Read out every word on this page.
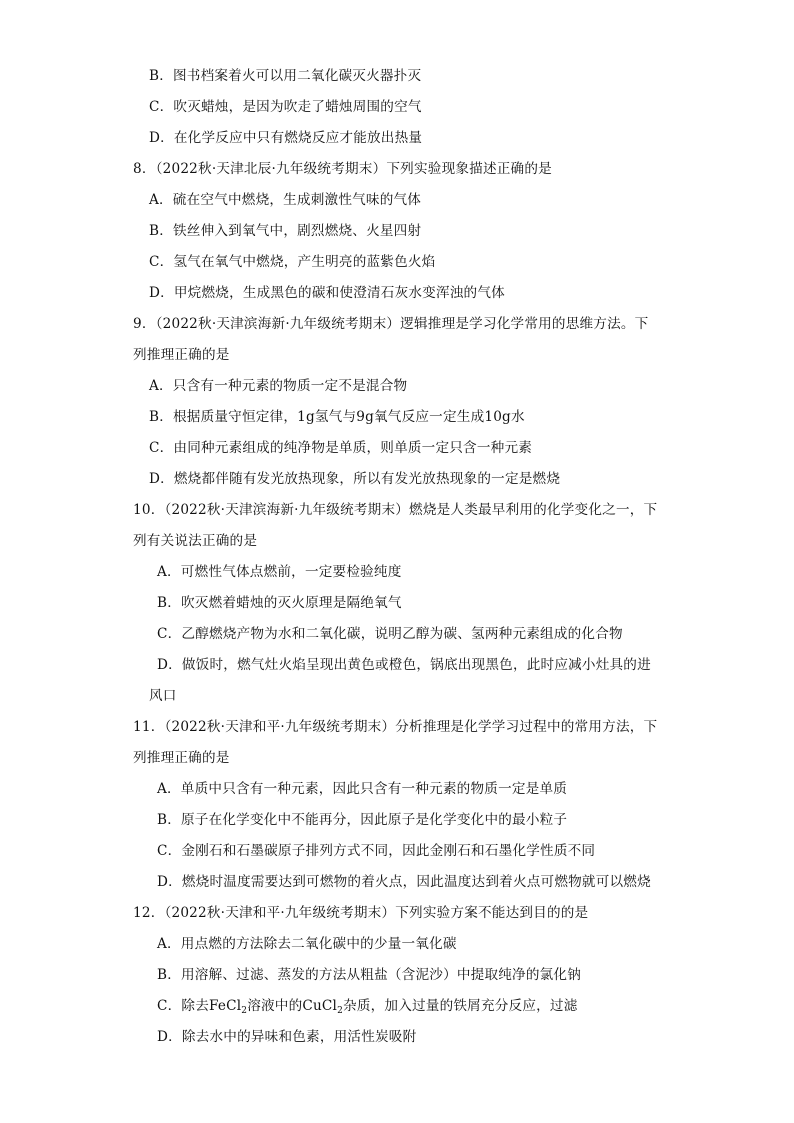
B．图书档案着火可以用二氧化碳灭火器扑灭
C．吹灭蜡烛，是因为吹走了蜡烛周围的空气
D．在化学反应中只有燃烧反应才能放出热量
8．（2022秋·天津北辰·九年级统考期末）下列实验现象描述正确的是
A．硫在空气中燃烧，生成刺激性气味的气体
B．铁丝伸入到氧气中，剧烈燃烧、火星四射
C．氢气在氧气中燃烧，产生明亮的蓝紫色火焰
D．甲烷燃烧，生成黑色的碳和使澄清石灰水变浑浊的气体
9．（2022秋·天津滨海新·九年级统考期末）逻辑推理是学习化学常用的思维方法。下
列推理正确的是
A．只含有一种元素的物质一定不是混合物
B．根据质量守恒定律，1g氢气与9g氧气反应一定生成10g水
C．由同种元素组成的纯净物是单质，则单质一定只含一种元素
D．燃烧都伴随有发光放热现象，所以有发光放热现象的一定是燃烧
10．（2022秋·天津滨海新·九年级统考期末）燃烧是人类最早利用的化学变化之一，下
列有关说法正确的是
A．可燃性气体点燃前，一定要检验纯度
B．吹灭燃着蜡烛的灭火原理是隔绝氧气
C．乙醇燃烧产物为水和二氧化碳，说明乙醇为碳、氢两种元素组成的化合物
D．做饭时，燃气灶火焰呈现出黄色或橙色，锅底出现黑色，此时应减小灶具的进
风口
11．（2022秋·天津和平·九年级统考期末）分析推理是化学学习过程中的常用方法，下
列推理正确的是
A．单质中只含有一种元素，因此只含有一种元素的物质一定是单质
B．原子在化学变化中不能再分，因此原子是化学变化中的最小粒子
C．金刚石和石墨碳原子排列方式不同，因此金刚石和石墨化学性质不同
D．燃烧时温度需要达到可燃物的着火点，因此温度达到着火点可燃物就可以燃烧
12．（2022秋·天津和平·九年级统考期末）下列实验方案不能达到目的的是
A．用点燃的方法除去二氧化碳中的少量一氧化碳
B．用溶解、过滤、蒸发的方法从粗盐（含泥沙）中提取纯净的氯化钠
C．除去FeCl$_2$溶液中的CuCl$_2$杂质，加入过量的铁屑充分反应，过滤
D．除去水中的异味和色素，用活性炭吸附
